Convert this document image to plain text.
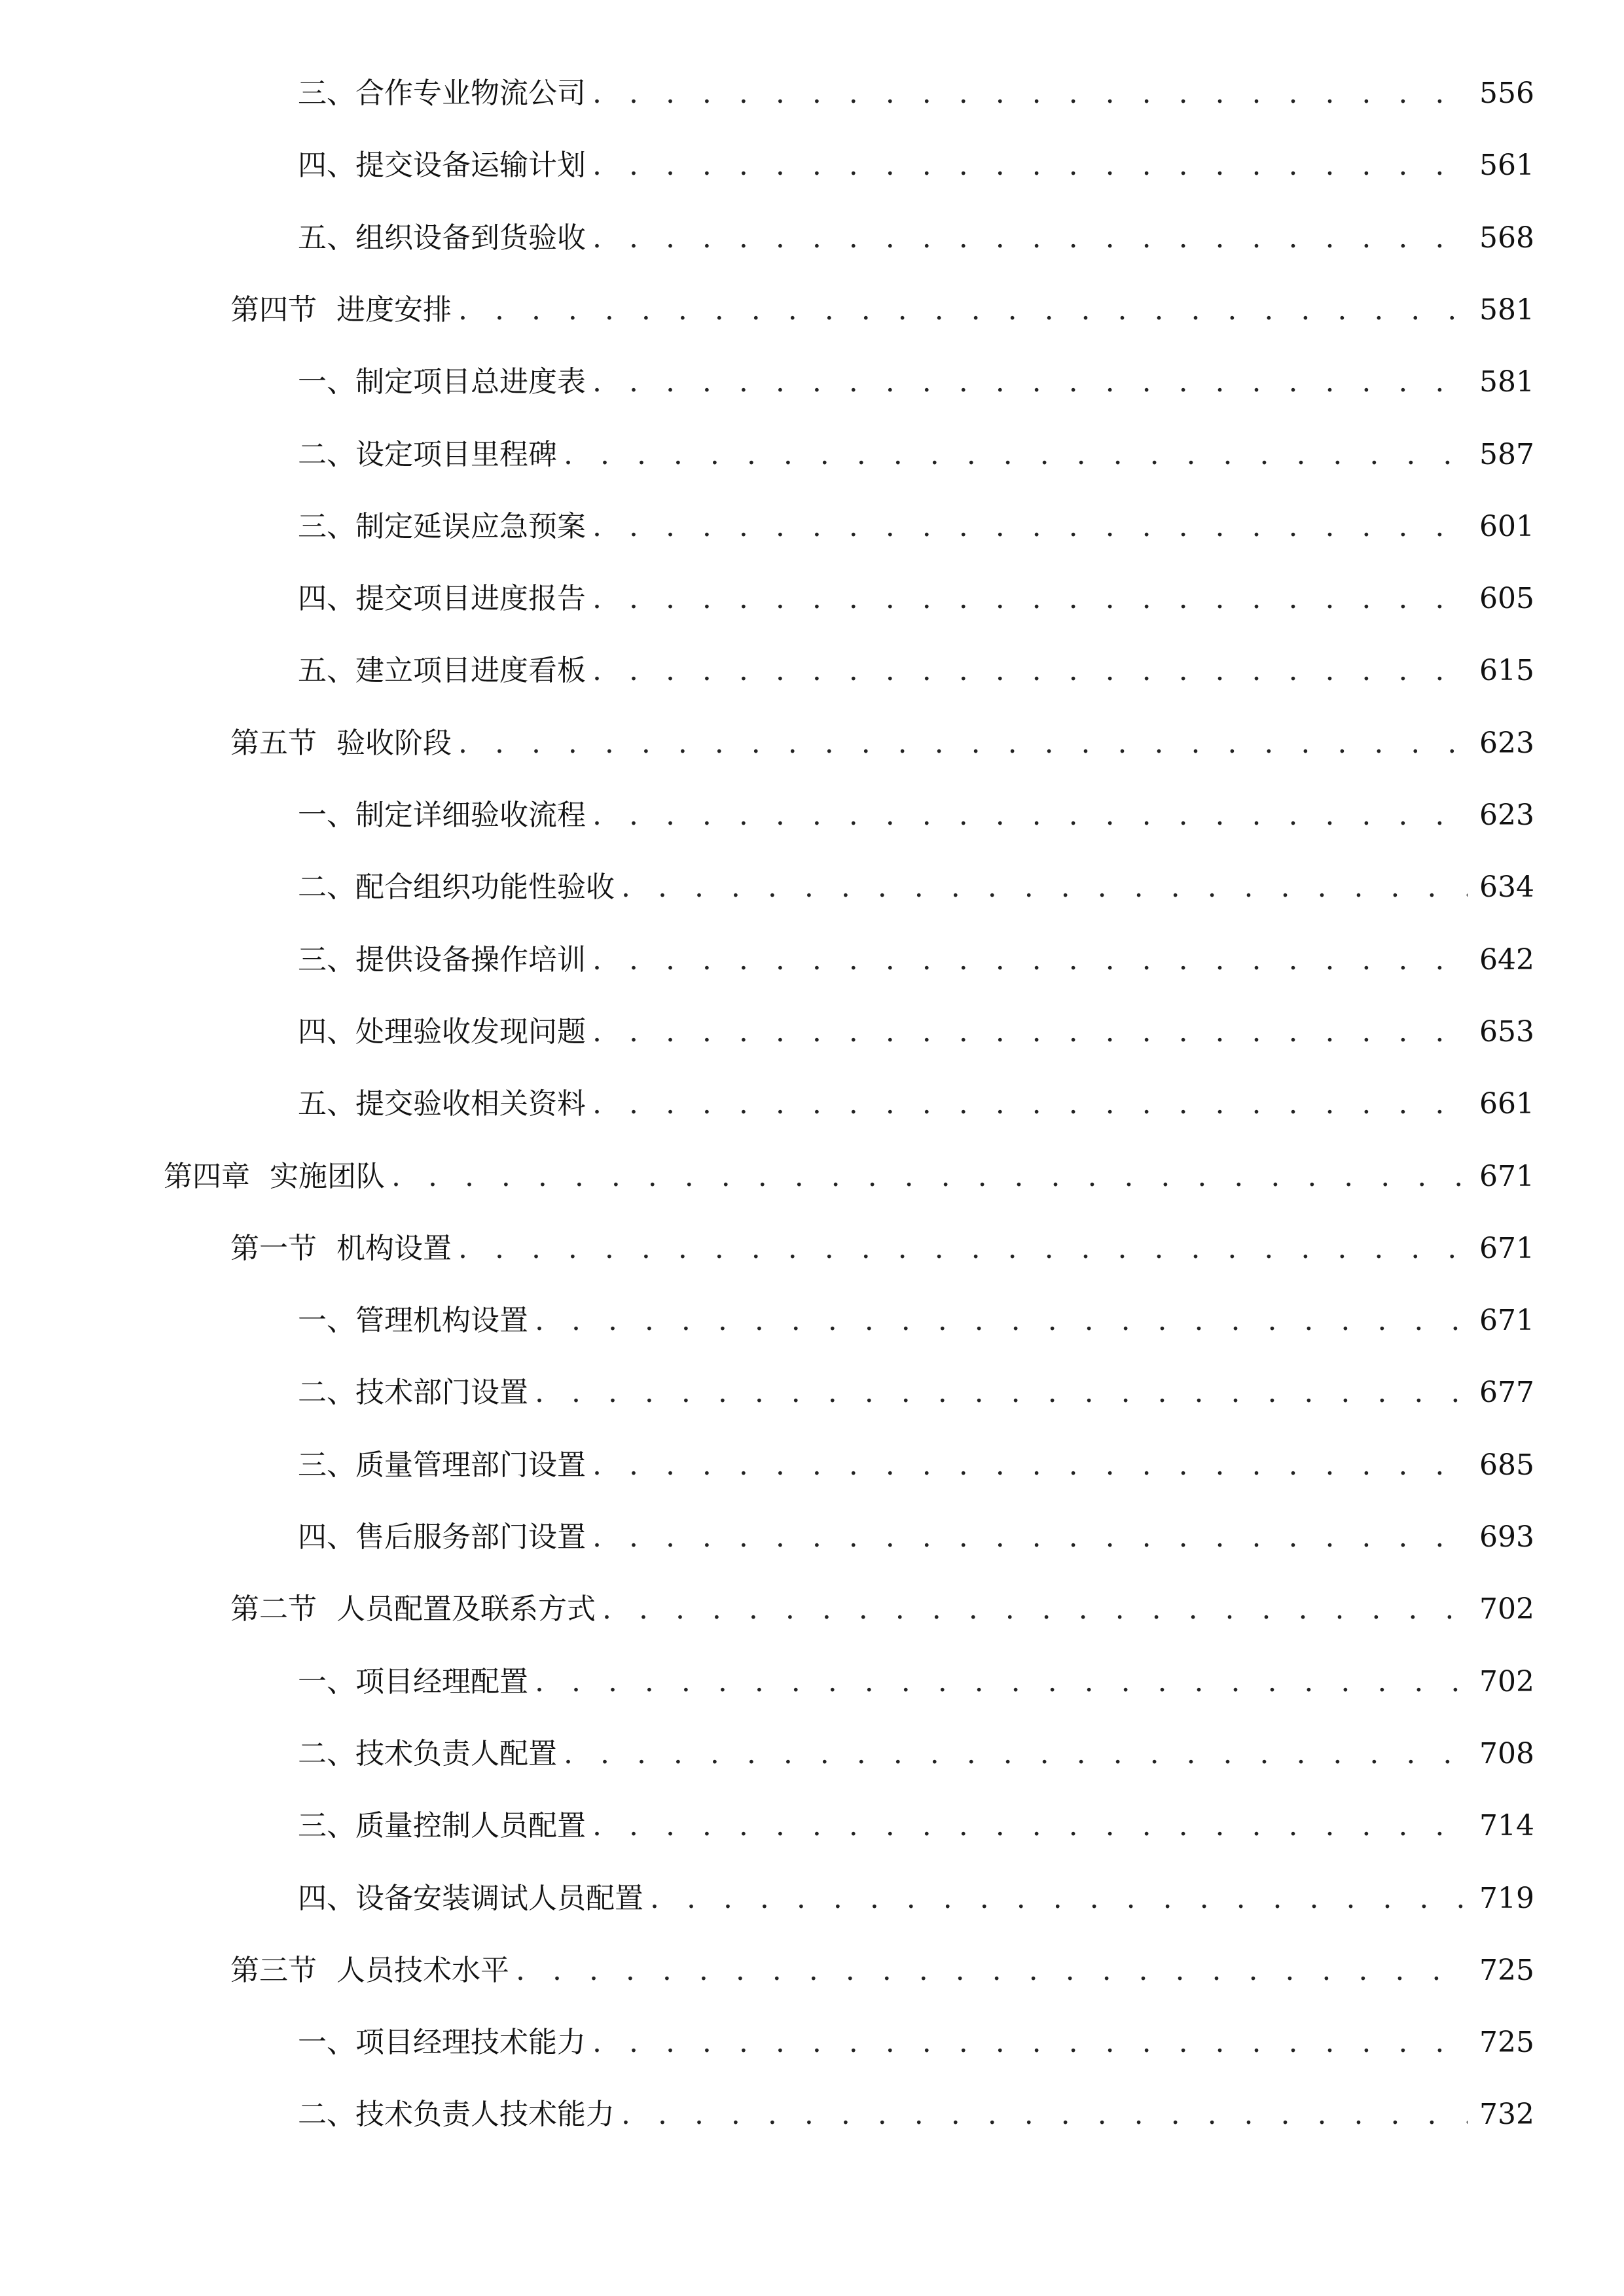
三、 合作专业物流公司 . . .	556
四、 提交设备运输计划 . . .	561
五、 组织设备到货验收 . . .	568
第四节 进度安排 . . .	581
一、 制定项目总进度表 . . .	581
二、 设定项目里程碑 . . .	587
三、 制定延误应急预案 . . .	601
四、 提交项目进度报告 . . .	605
五、 建立项目进度看板 . . .	615
第五节 验收阶段 . . .	623
一、 制定详细验收流程 . . .	623
二、 配合组织功能性验收 . . .	634
三、 提供设备操作培训 . . .	642
四、 处理验收发现问题 . . .	653
五、 提交验收相关资料 . . .	661
第四章 实施团队 . . .	671
第一节 机构设置 . . .	671
一、 管理机构设置 . . .	671
二、 技术部门设置 . . .	677
三、 质量管理部门设置 . . .	685
四、 售后服务部门设置 . . .	693
第二节 人员配置及联系方式 . . .	702
一、 项目经理配置 . . .	702
二、 技术负责人配置 . . .	708
三、 质量控制人员配置 . . .	714
四、 设备安装调试人员配置 . . .	719
第三节 人员技术水平 . . .	725
一、 项目经理技术能力 . . .	725
二、 技术负责人技术能力 . . .	732
